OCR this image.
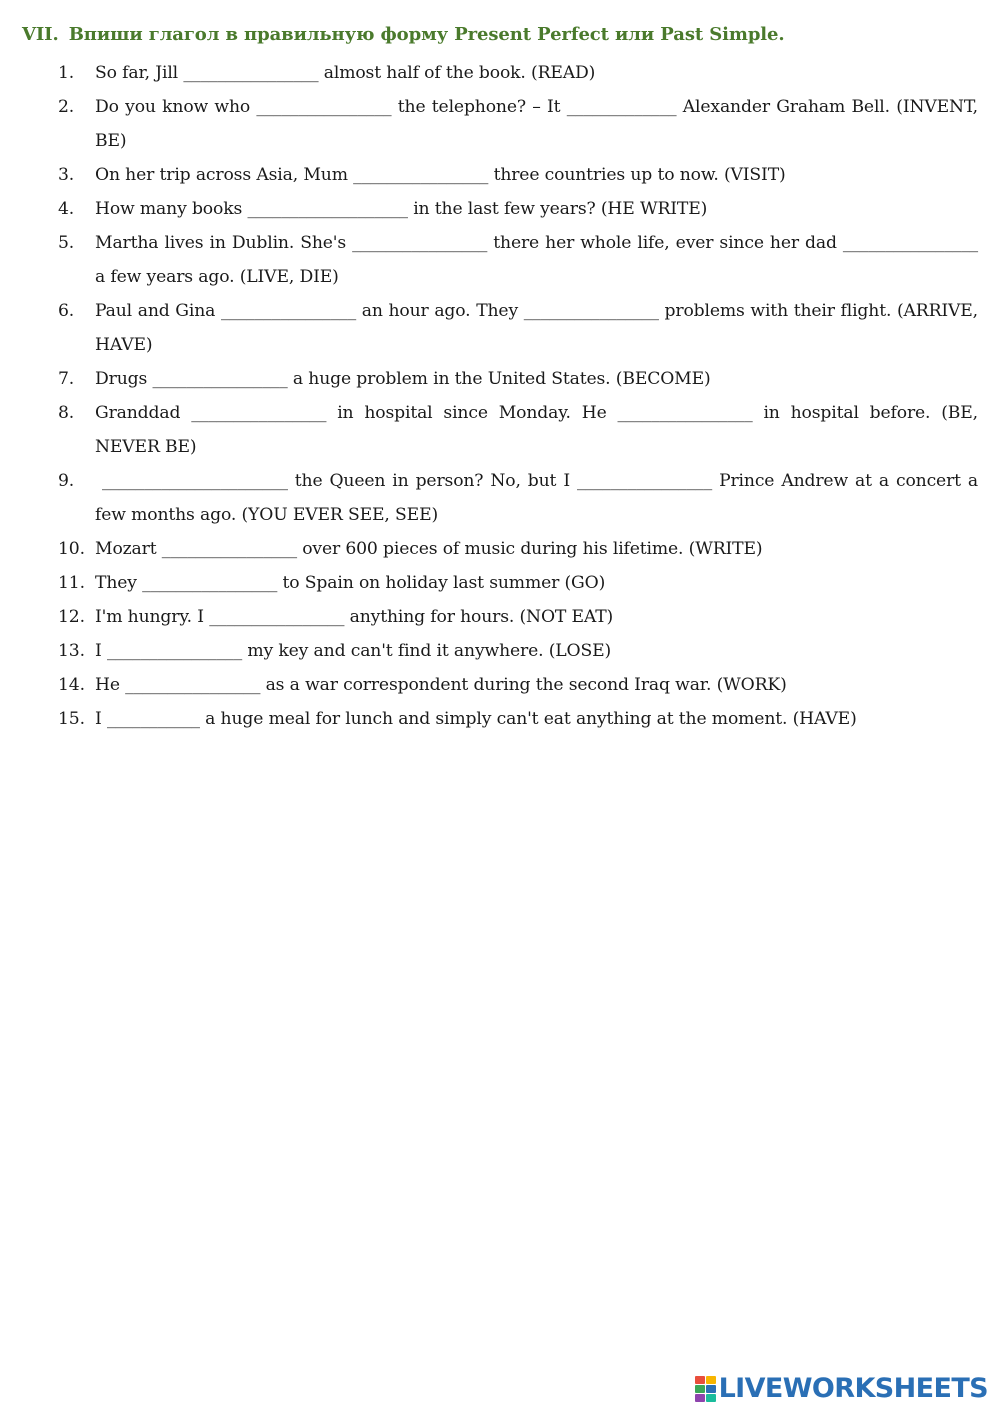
VII. Впиши глагол в правильную форму Present Perfect или Past Simple.
1.	So far, Jill ________________ almost half of the book. (READ)
2.	Do you know who ________________ the telephone? – It _____________ Alexander Graham Bell. (INVENT, BE)
3.	On her trip across Asia, Mum ________________ three countries up to now. (VISIT)
4.	How many books ___________________ in the last few years? (HE WRITE)
5.	Martha lives in Dublin. She's ________________ there her whole life, ever since her dad ________________ a few years ago. (LIVE, DIE)
6.	Paul and Gina ________________ an hour ago. They ________________ problems with their flight. (ARRIVE, HAVE)
7.	Drugs ________________ a huge problem in the United States. (BECOME)
8.	Granddad ________________ in hospital since Monday. He ________________ in hospital before. (BE, NEVER BE)
9.	______________________ the Queen in person? No, but I ________________ Prince Andrew at a concert a few months ago. (YOU EVER SEE, SEE)
10. Mozart ________________ over 600 pieces of music during his lifetime. (WRITE)
11. They ________________ to Spain on holiday last summer (GO)
12. I'm hungry. I ________________ anything for hours. (NOT EAT)
13. I ________________ my key and can't find it anywhere. (LOSE)
14. He ________________ as a war correspondent during the second Iraq war. (WORK)
15. I ___________ a huge meal for lunch and simply can't eat anything at the moment. (HAVE)
LIVEWORKSHEETS
